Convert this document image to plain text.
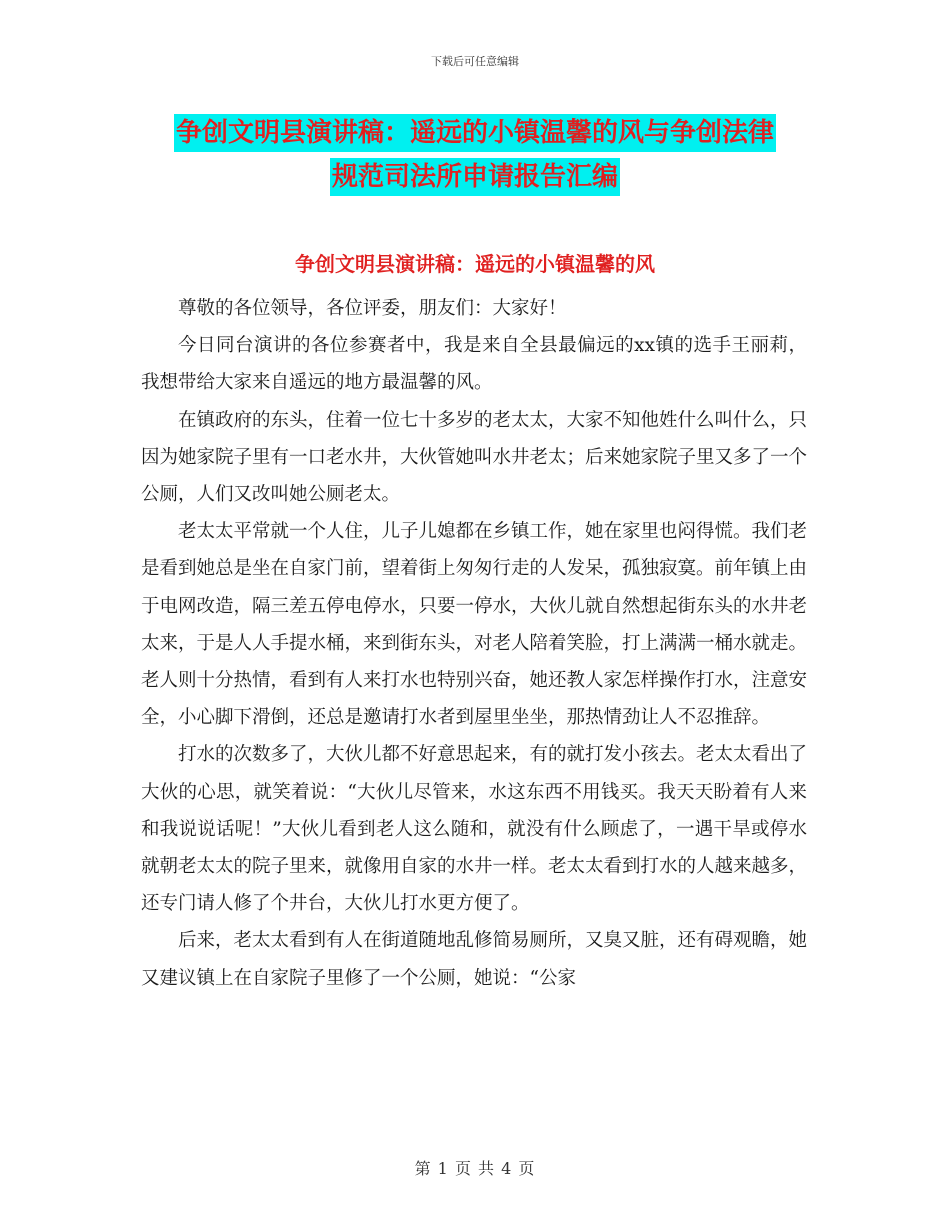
下载后可任意编辑
争创文明县演讲稿：遥远的小镇温馨的风与争创法律
规范司法所申请报告汇编
争创文明县演讲稿：遥远的小镇温馨的风

尊敬的各位领导，各位评委，朋友们：大家好！

今日同台演讲的各位参赛者中，我是来自全县最偏远的xx镇的选手王丽莉，我想带给大家来自遥远的地方最温馨的风。

在镇政府的东头，住着一位七十多岁的老太太，大家不知他姓什么叫什么，只因为她家院子里有一口老水井，大伙管她叫水井老太；后来她家院子里又多了一个公厕，人们又改叫她公厕老太。

老太太平常就一个人住，儿子儿媳都在乡镇工作，她在家里也闷得慌。我们老是看到她总是坐在自家门前，望着街上匆匆行走的人发呆，孤独寂寞。前年镇上由于电网改造，隔三差五停电停水，只要一停水，大伙儿就自然想起街东头的水井老太来，于是人人手提水桶，来到街东头，对老人陪着笑脸，打上满满一桶水就走。老人则十分热情，看到有人来打水也特别兴奋，她还教人家怎样操作打水，注意安全，小心脚下滑倒，还总是邀请打水者到屋里坐坐，那热情劲让人不忍推辞。

打水的次数多了，大伙儿都不好意思起来，有的就打发小孩去。老太太看出了大伙的心思，就笑着说：“大伙儿尽管来，水这东西不用钱买。我天天盼着有人来和我说说话呢！”大伙儿看到老人这么随和，就没有什么顾虑了，一遇干旱或停水就朝老太太的院子里来，就像用自家的水井一样。老太太看到打水的人越来越多，还专门请人修了个井台，大伙儿打水更方便了。

后来，老太太看到有人在街道随地乱修简易厕所，又臭又脏，还有碍观瞻，她又建议镇上在自家院子里修了一个公厕，她说：“公家

第 1 页 共 4 页
